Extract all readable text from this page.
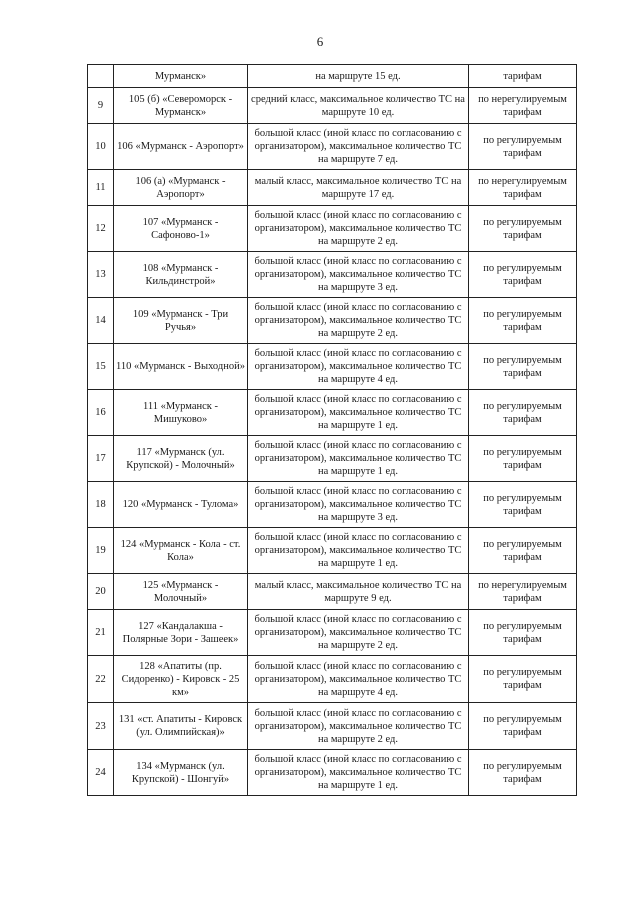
6
	Мурманск»	на маршруте 15 ед.	тарифам
9	105 (б) «Североморск - Мурманск»	средний класс, максимальное количество ТС на маршруте 10 ед.	по нерегулируемым тарифам
10	106 «Мурманск - Аэропорт»	большой класс (иной класс по согласованию с организатором), максимальное количество ТС на маршруте 7 ед.	по регулируемым тарифам
11	106 (а) «Мурманск - Аэропорт»	малый класс, максимальное количество ТС на маршруте 17 ед.	по нерегулируемым тарифам
12	107 «Мурманск - Сафоново-1»	большой класс (иной класс по согласованию с организатором), максимальное количество ТС на маршруте 2 ед.	по регулируемым тарифам
13	108 «Мурманск - Кильдинстрой»	большой класс (иной класс по согласованию с организатором), максимальное количество ТС на маршруте 3 ед.	по регулируемым тарифам
14	109 «Мурманск - Три Ручья»	большой класс (иной класс по согласованию с организатором), максимальное количество ТС на маршруте 2 ед.	по регулируемым тарифам
15	110 «Мурманск - Выходной»	большой класс (иной класс по согласованию с организатором), максимальное количество ТС на маршруте 4 ед.	по регулируемым тарифам
16	111 «Мурманск - Мишуково»	большой класс (иной класс по согласованию с организатором), максимальное количество ТС на маршруте 1 ед.	по регулируемым тарифам
17	117 «Мурманск (ул. Крупской) - Молочный»	большой класс (иной класс по согласованию с организатором), максимальное количество ТС на маршруте 1 ед.	по регулируемым тарифам
18	120 «Мурманск - Тулома»	большой класс (иной класс по согласованию с организатором), максимальное количество ТС на маршруте 3 ед.	по регулируемым тарифам
19	124 «Мурманск - Кола - ст. Кола»	большой класс (иной класс по согласованию с организатором), максимальное количество ТС на маршруте 1 ед.	по регулируемым тарифам
20	125 «Мурманск - Молочный»	малый класс, максимальное количество ТС на маршруте 9 ед.	по нерегулируемым тарифам
21	127 «Кандалакша - Полярные Зори - Зашеек»	большой класс (иной класс по согласованию с организатором), максимальное количество ТС на маршруте 2 ед.	по регулируемым тарифам
22	128 «Апатиты (пр. Сидоренко) - Кировск - 25 км»	большой класс (иной класс по согласованию с организатором), максимальное количество ТС на маршруте 4 ед.	по регулируемым тарифам
23	131 «ст. Апатиты - Кировск (ул. Олимпийская)»	большой класс (иной класс по согласованию с организатором), максимальное количество ТС на маршруте 2 ед.	по регулируемым тарифам
24	134 «Мурманск (ул. Крупской) - Шонгуй»	большой класс (иной класс по согласованию с организатором), максимальное количество ТС на маршруте 1 ед.	по регулируемым тарифам
